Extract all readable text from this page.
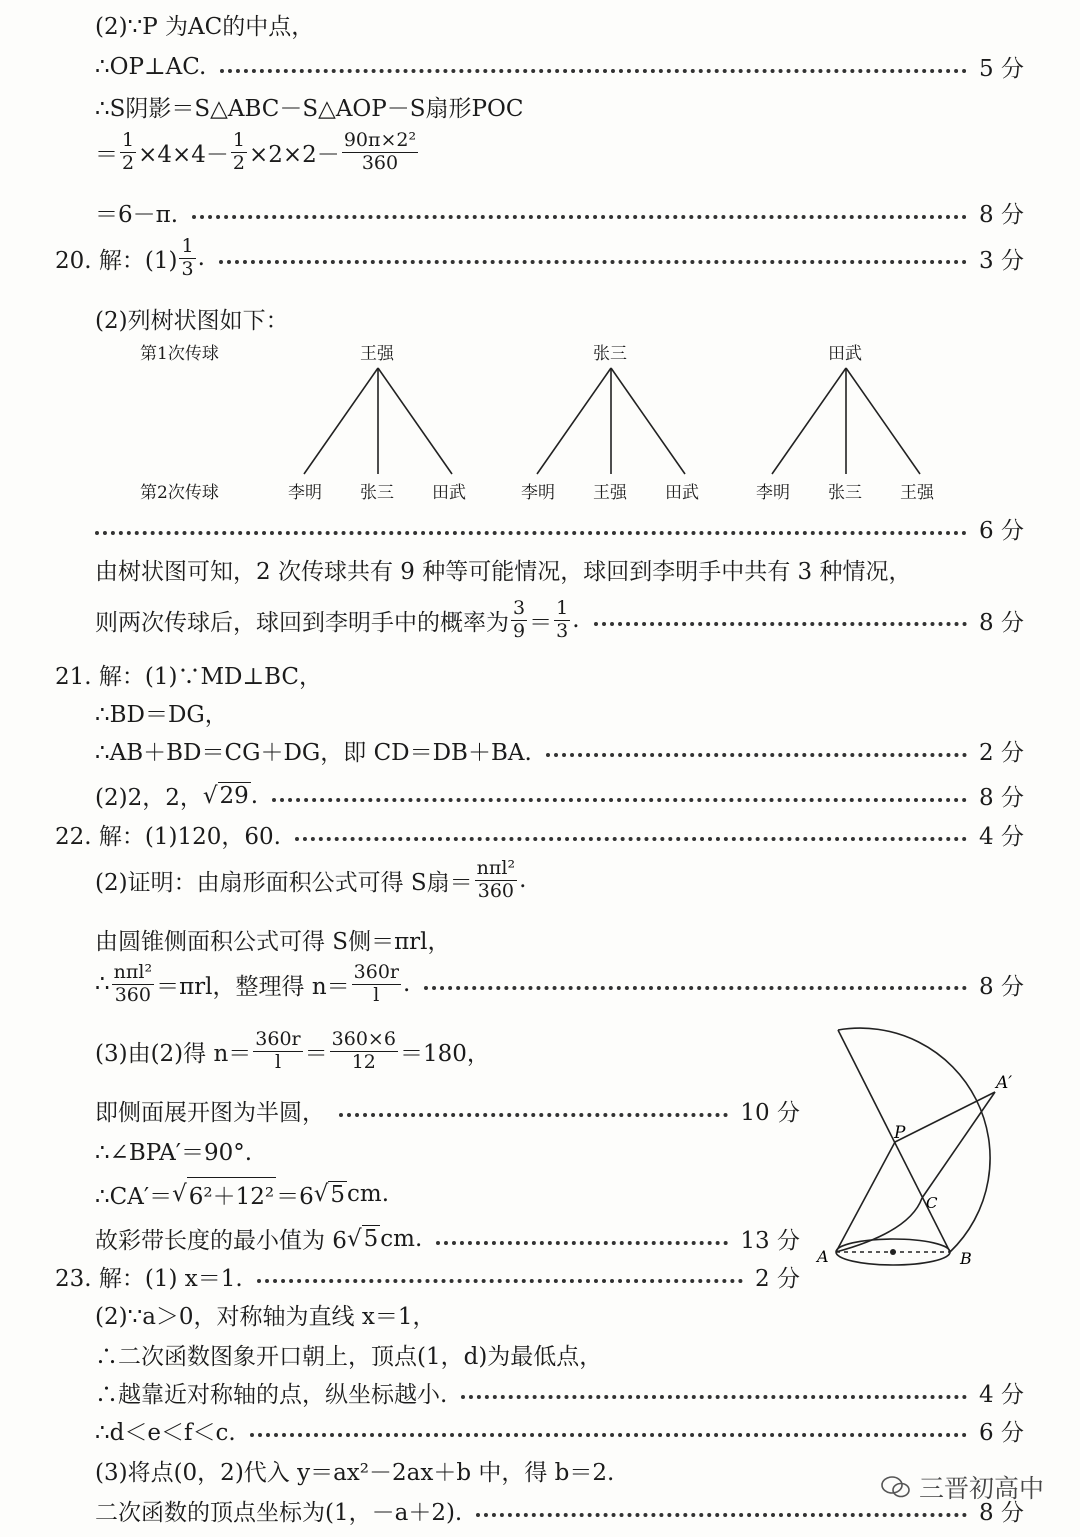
(2)∵P 为AC的中点，
∴OP⊥AC.	5 分
∴S阴影＝S△ABC－S△AOP－S扇形POC
＝ $\frac{1}{2} \times 4\times 4- \frac{1}{2} \times 2\times 2- \frac{\text{90π×2²}}{360}$
＝6－π.	8 分
20. 解：$(1) \frac{1}{3}$ .	3 分
(2)列树状图如下：
第1次传球
第2次传球
王强	张三	田武
李明 张三 田武	李明 王强 田武	李明 张三 王强
6 分
由树状图可知，2 次传球共有 9 种等可能情况，球回到李明手中共有 3 种情况，
则两次传球后，球回到李明手中的概率为 $\frac{3}{9} = \frac{1}{3}$ .	8 分
21. 解：(1)∵MD⊥BC，
∴BD＝DG，
∴AB＋BD＝CG＋DG，即 CD＝DB＋BA.	2 分
(2)2，2， √ 29 .	8 分
22. 解：(1)120，60.	4 分
(2)证明：由扇形面积公式可得 S扇＝ $\frac{\text{nπl²}}{360}$ .
由圆锥侧面积公式可得 S侧＝πrl，
∴ $\frac{\text{nπl²}}{360} =\pi rl$，整理得 $n= \frac{360r}{l}$ .	8 分
(3)由(2)得 $n= \frac{360r}{l} = \frac{360\times 6}{12} =180$，
即侧面展开图为半圆，	10 分
∴∠BPA′＝90°.
∴CA′＝ √ 6²＋12² ＝6 √ 5 cm.
故彩带长度的最小值为 6 √ 5 cm.	13 分
23. 解：(1) x＝1.	2 分
(2)∵a＞0，对称轴为直线 x＝1，
∴二次函数图象开口朝上，顶点(1，d)为最低点，
∴越靠近对称轴的点，纵坐标越小.	4 分
∴d＜e＜f＜c.	6 分
(3)将点(0，2)代入 y＝ax²－2ax＋b 中，得 b＝2.
二次函数的顶点坐标为(1，－a＋2).	8 分
A′
P
C
A	B
三晋初高中
